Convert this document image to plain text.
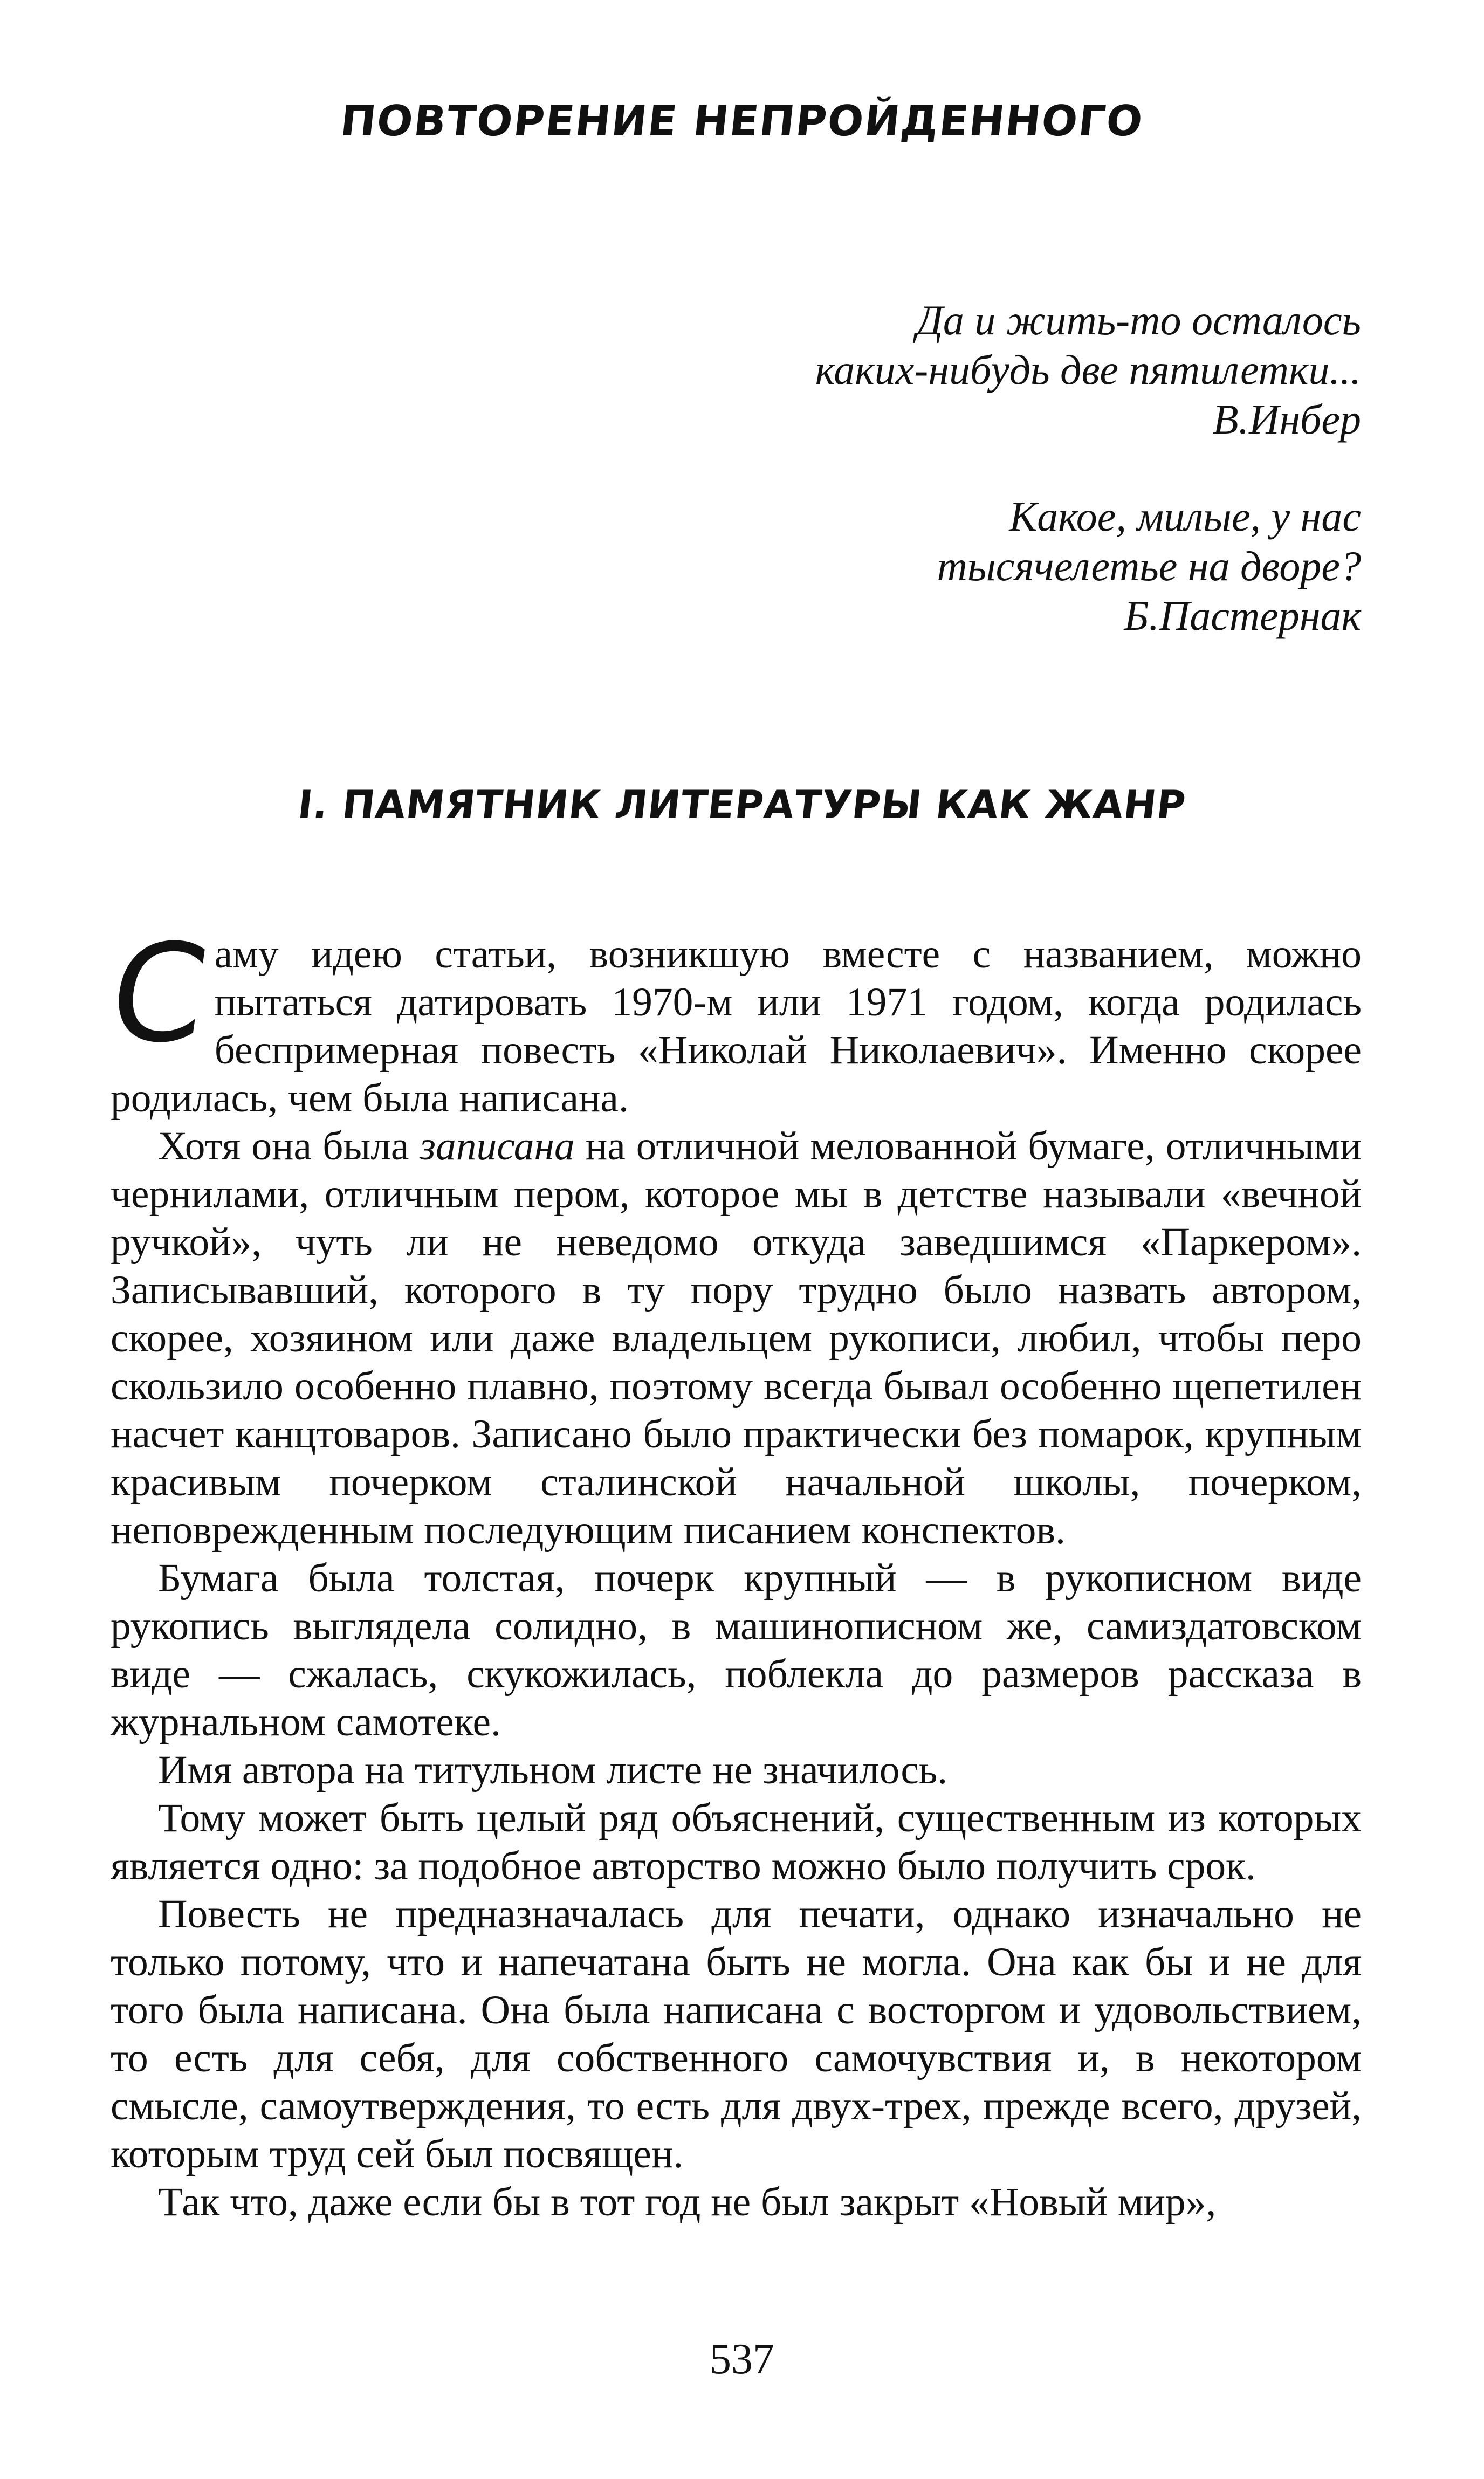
ПОВТОРЕНИЕ НЕПРОЙДЕННОГО

Да и жить-то осталось

каких-нибудь две пятилетки...

В.Инбер

Какое, милые, у нас

тысячелетье на дворе?

Б.Пастернак

I. ПАМЯТНИК ЛИТЕРАТУРЫ КАК ЖАНР

С
аму идею статьи, возникшую вместе с названием, можно пытаться датировать 1970-м или 1971 годом, когда родилась беспримерная повесть «Николай Николаевич». Именно скорее родилась, чем была написана.

Хотя она была записана на отличной мелованной бумаге, отличными чернилами, отличным пером, которое мы в детстве называли «вечной ручкой», чуть ли не неведомо откуда заведшимся «Паркером». Записывавший, которого в ту пору трудно было назвать автором, скорее, хозяином или даже владельцем рукописи, любил, чтобы перо скользило особенно плавно, поэтому всегда бывал особенно щепетилен насчет канцтоваров. Записано было практически без помарок, крупным красивым почерком сталинской начальной школы, почерком, неповрежденным последующим писанием конспектов.

Бумага была толстая, почерк крупный — в рукописном виде рукопись выглядела солидно, в машинописном же, самиздатовском виде — сжалась, скукожилась, поблекла до размеров рассказа в журнальном самотеке.

Имя автора на титульном листе не значилось.

Тому может быть целый ряд объяснений, существенным из которых является одно: за подобное авторство можно было получить срок.

Повесть не предназначалась для печати, однако изначально не только потому, что и напечатана быть не могла. Она как бы и не для того была написана. Она была написана с восторгом и удовольствием, то есть для себя, для собственного самочувствия и, в некотором смысле, самоутверждения, то есть для двух-трех, прежде всего, друзей, которым труд сей был посвящен.

Так что, даже если бы в тот год не был закрыт «Новый мир»,

537
